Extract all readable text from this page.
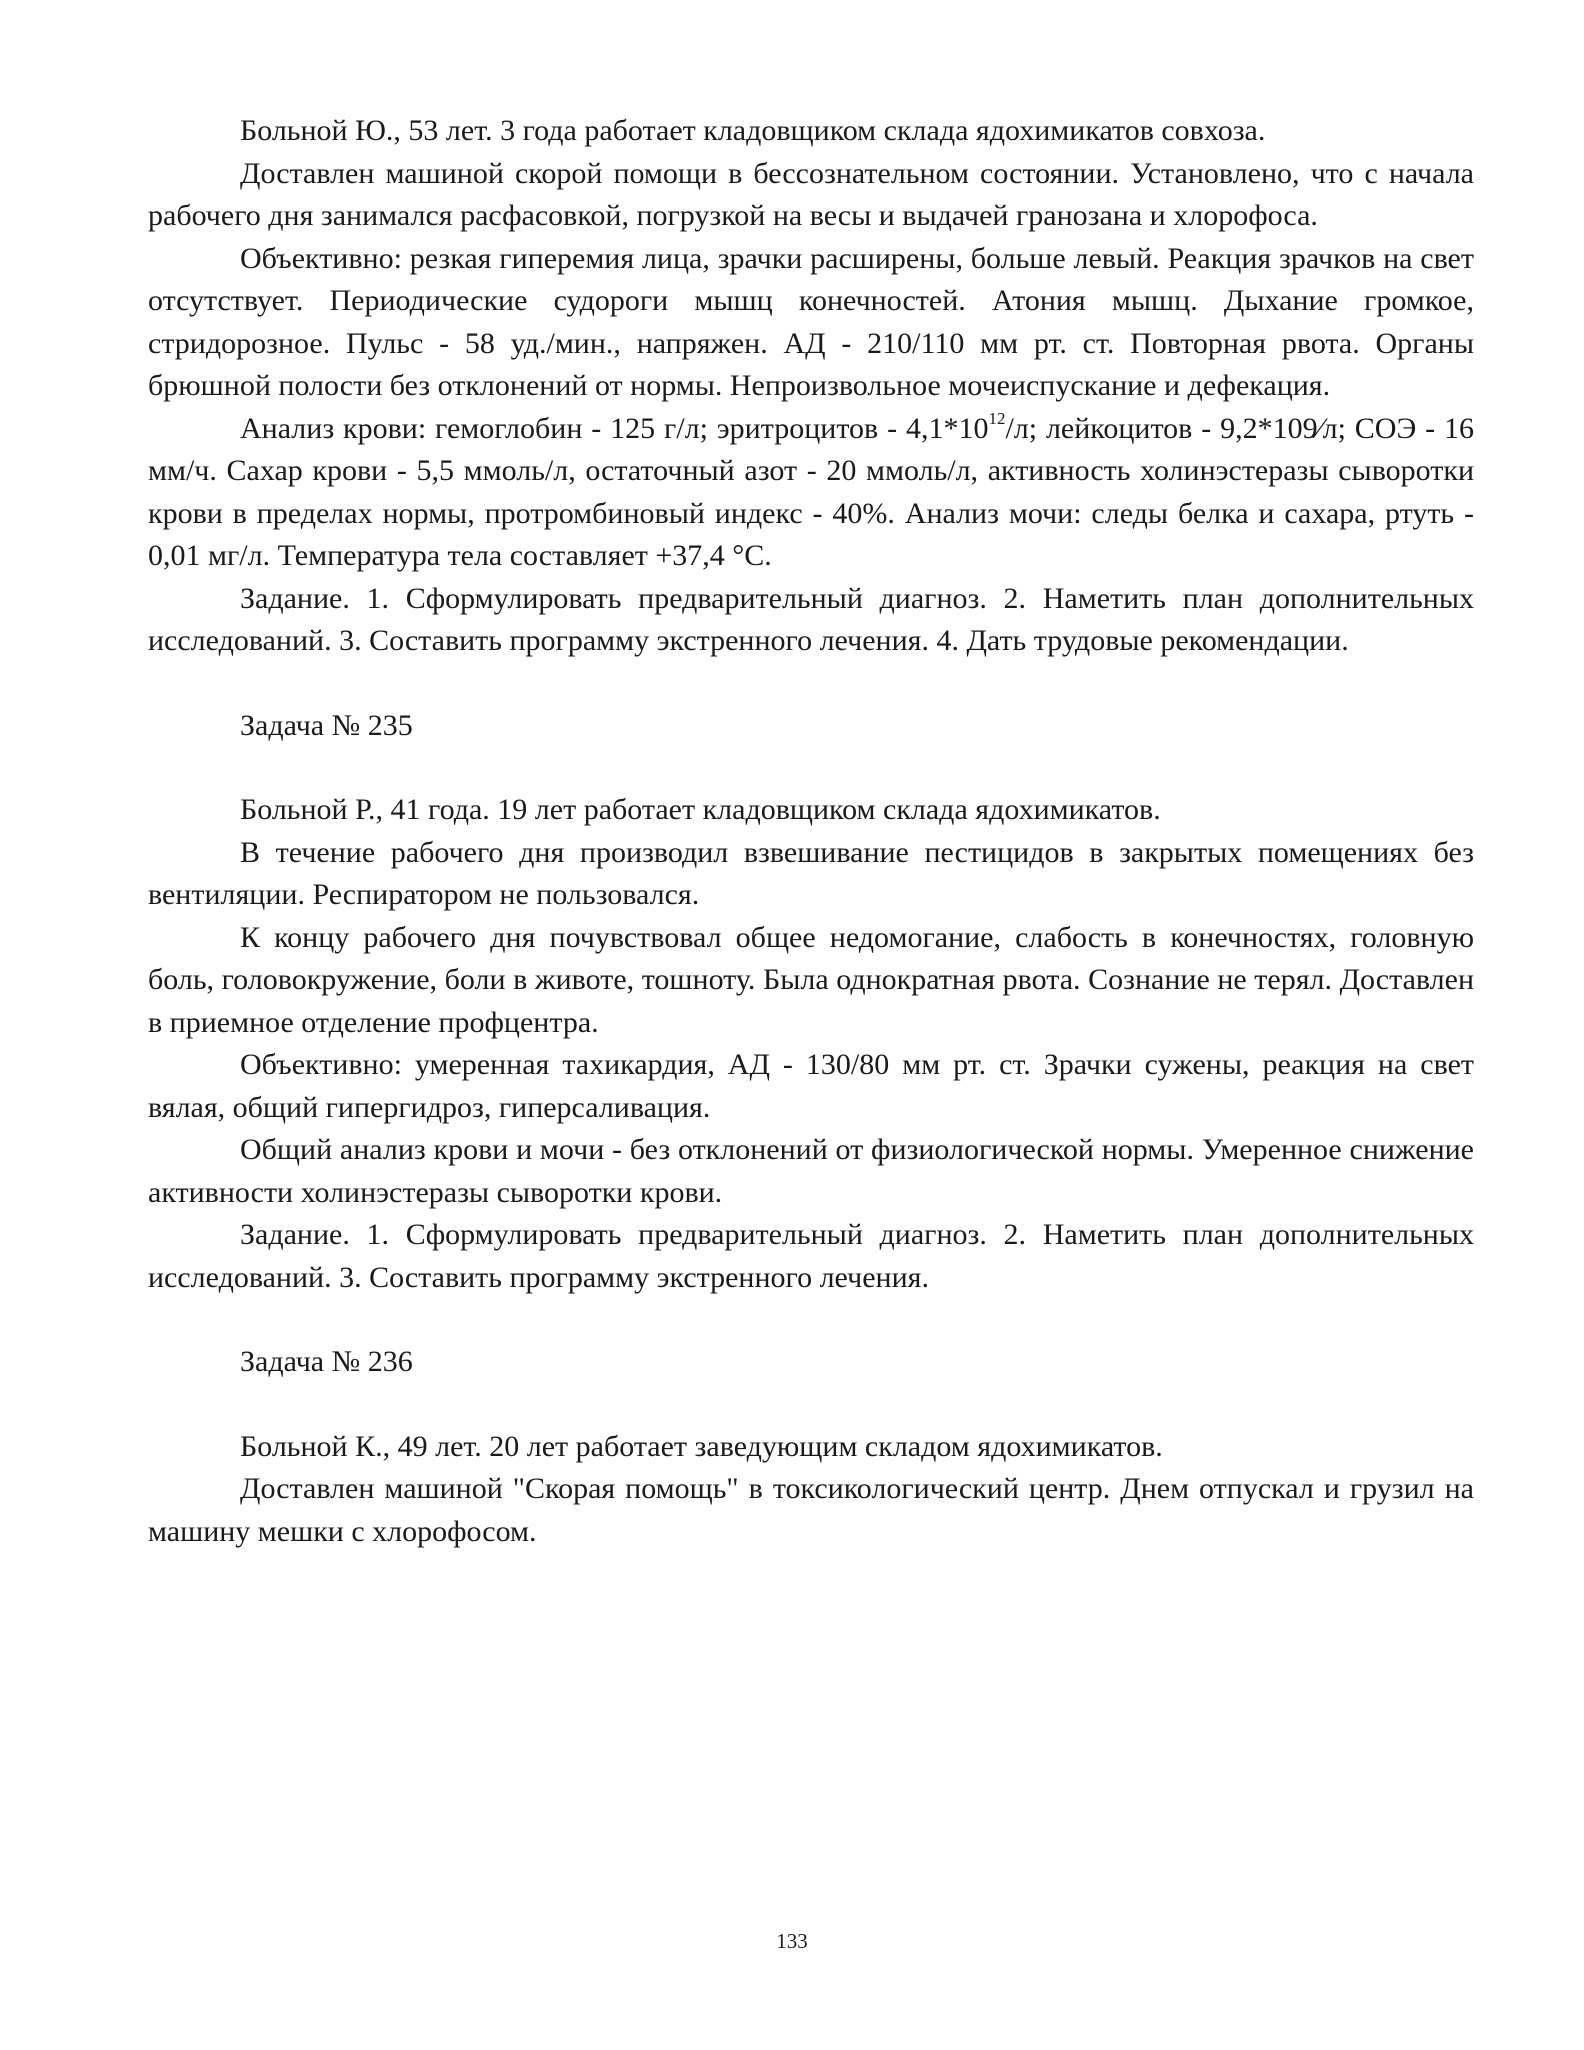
Больной Ю., 53 лет. 3 года работает кладовщиком склада ядохимикатов совхоза.

Доставлен машиной скорой помощи в бессознательном состоянии. Установлено, что с начала рабочего дня занимался расфасовкой, погрузкой на весы и выдачей гранозана и хлорофоса.

Объективно: резкая гиперемия лица, зрачки расширены, больше левый. Реакция зрачков на свет отсутствует. Периодические судороги мышц конечностей. Атония мышц. Дыхание громкое, стридорозное. Пульс - 58 уд./мин., напряжен. АД - 210/110 мм рт. ст. Повторная рвота. Органы брюшной полости без отклонений от нормы. Непроизвольное мочеиспускание и дефекация.

Анализ крови: гемоглобин - 125 г/л; эритроцитов - $4,1*10^{12}/л$; лейкоцитов - 9,2*109⁄л; СОЭ - 16 мм/ч. Сахар крови - 5,5 ммоль/л, остаточный азот - 20 ммоль/л, активность холинэстеразы сыворотки крови в пределах нормы, протромбиновый индекс - 40%. Анализ мочи: следы белка и сахара, ртуть - 0,01 мг/л. Температура тела составляет +37,4 °С.

Задание. 1. Сформулировать предварительный диагноз. 2. Наметить план дополнительных исследований. 3. Составить программу экстренного лечения. 4. Дать трудовые рекомендации.

Задача № 235

Больной Р., 41 года. 19 лет работает кладовщиком склада ядохимикатов.

В течение рабочего дня производил взвешивание пестицидов в закрытых помещениях без вентиляции. Респиратором не пользовался.

К концу рабочего дня почувствовал общее недомогание, слабость в конечностях, головную боль, головокружение, боли в животе, тошноту. Была однократная рвота. Сознание не терял. Доставлен в приемное отделение профцентра.

Объективно: умеренная тахикардия, АД - 130/80 мм рт. ст. Зрачки сужены, реакция на свет вялая, общий гипергидроз, гиперсаливация.

Общий анализ крови и мочи - без отклонений от физиологической нормы. Умеренное снижение активности холинэстеразы сыворотки крови.

Задание. 1. Сформулировать предварительный диагноз. 2. Наметить план дополнительных исследований. 3. Составить программу экстренного лечения.

Задача № 236

Больной К., 49 лет. 20 лет работает заведующим складом ядохимикатов.

Доставлен машиной "Скорая помощь" в токсикологический центр. Днем отпускал и грузил на машину мешки с хлорофосом.

133
